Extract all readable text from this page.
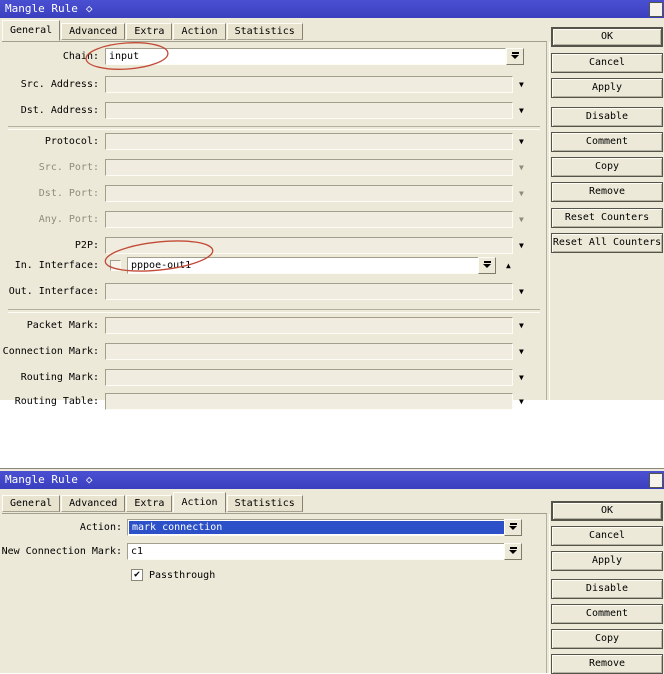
Mangle Rule ◇
General Advanced Extra Action Statistics
Chain:	input
Src. Address:	▼
Dst. Address:	▼
Protocol:	▼
Src. Port:	▼
Dst. Port:	▼
Any. Port:	▼
P2P:	▼
In. Interface:	pppoe-out1	▲
Out. Interface:	▼
Packet Mark:	▼
Connection Mark:	▼
Routing Mark:	▼
Routing Table:	▼
OK
Cancel
Apply
Disable
Comment
Copy
Remove
Reset Counters
Reset All Counters
Mangle Rule ◇
General Advanced Extra Action Statistics
Action:	mark connection
New Connection Mark: c1
✔ Passthrough
OK
Cancel
Apply
Disable
Comment
Copy
Remove
